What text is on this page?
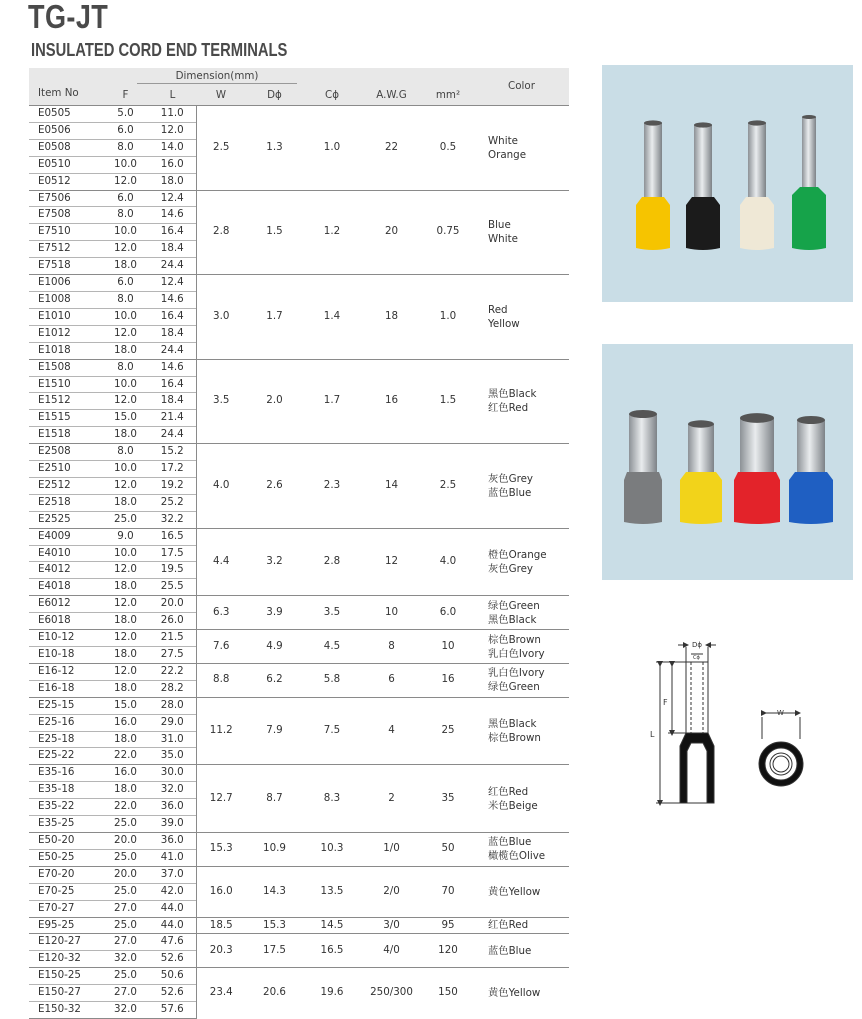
TG-JT
INSULATED CORD END TERMINALS
Item No	Dimension(mm)							Color
	F	L	W	Dϕ	Cϕ	A.W.G	mm²	
E0505	5.0	11.0	2.5	1.3	1.0	22	0.5	White
Orange

E0506	6.0	12.0						
E0508	8.0	14.0						
E0510	10.0	16.0						
E0512	12.0	18.0						
E7506	6.0	12.4	2.8	1.5	1.2	20	0.75	Blue
White

E7508	8.0	14.6						
E7510	10.0	16.4						
E7512	12.0	18.4						
E7518	18.0	24.4						
E1006	6.0	12.4	3.0	1.7	1.4	18	1.0	Red
Yellow

E1008	8.0	14.6						
E1010	10.0	16.4						
E1012	12.0	18.4						
E1018	18.0	24.4						
E1508	8.0	14.6	3.5	2.0	1.7	16	1.5	黑色Black
红色Red

E1510	10.0	16.4						
E1512	12.0	18.4						
E1515	15.0	21.4						
E1518	18.0	24.4						
E2508	8.0	15.2	4.0	2.6	2.3	14	2.5	灰色Grey
蓝色Blue

E2510	10.0	17.2						
E2512	12.0	19.2						
E2518	18.0	25.2						
E2525	25.0	32.2						
E4009	9.0	16.5	4.4	3.2	2.8	12	4.0	橙色Orange
灰色Grey

E4010	10.0	17.5						
E4012	12.0	19.5						
E4018	18.0	25.5						
E6012	12.0	20.0	6.3	3.9	3.5	10	6.0	绿色Green
黑色Black

E6018	18.0	26.0						
E10-12	12.0	21.5	7.6	4.9	4.5	8	10	棕色Brown
乳白色Ivory

E10-18	18.0	27.5						
E16-12	12.0	22.2	8.8	6.2	5.8	6	16	乳白色Ivory
绿色Green

E16-18	18.0	28.2						
E25-15	15.0	28.0	11.2	7.9	7.5	4	25	黑色Black
棕色Brown

E25-16	16.0	29.0						
E25-18	18.0	31.0						
E25-22	22.0	35.0						
E35-16	16.0	30.0	12.7	8.7	8.3	2	35	红色Red
米色Beige

E35-18	18.0	32.0						
E35-22	22.0	36.0						
E35-25	25.0	39.0						
E50-20	20.0	36.0	15.3	10.9	10.3	1/0	50	蓝色Blue
橄榄色Olive

E50-25	25.0	41.0						
E70-20	20.0	37.0	16.0	14.3	13.5	2/0	70	黄色Yellow

E70-25	25.0	42.0						
E70-27	27.0	44.0						
E95-25	25.0	44.0	18.5	15.3	14.5	3/0	95	红色Red

E120-27	27.0	47.6	20.3	17.5	16.5	4/0	120	蓝色Blue

E120-32	32.0	52.6						
E150-25	25.0	50.6	23.4	20.6	19.6	250/300	150	黄色Yellow

E150-27	27.0	52.6						
E150-32	32.0	57.6						
Dϕ
Cϕ
F
L
W
